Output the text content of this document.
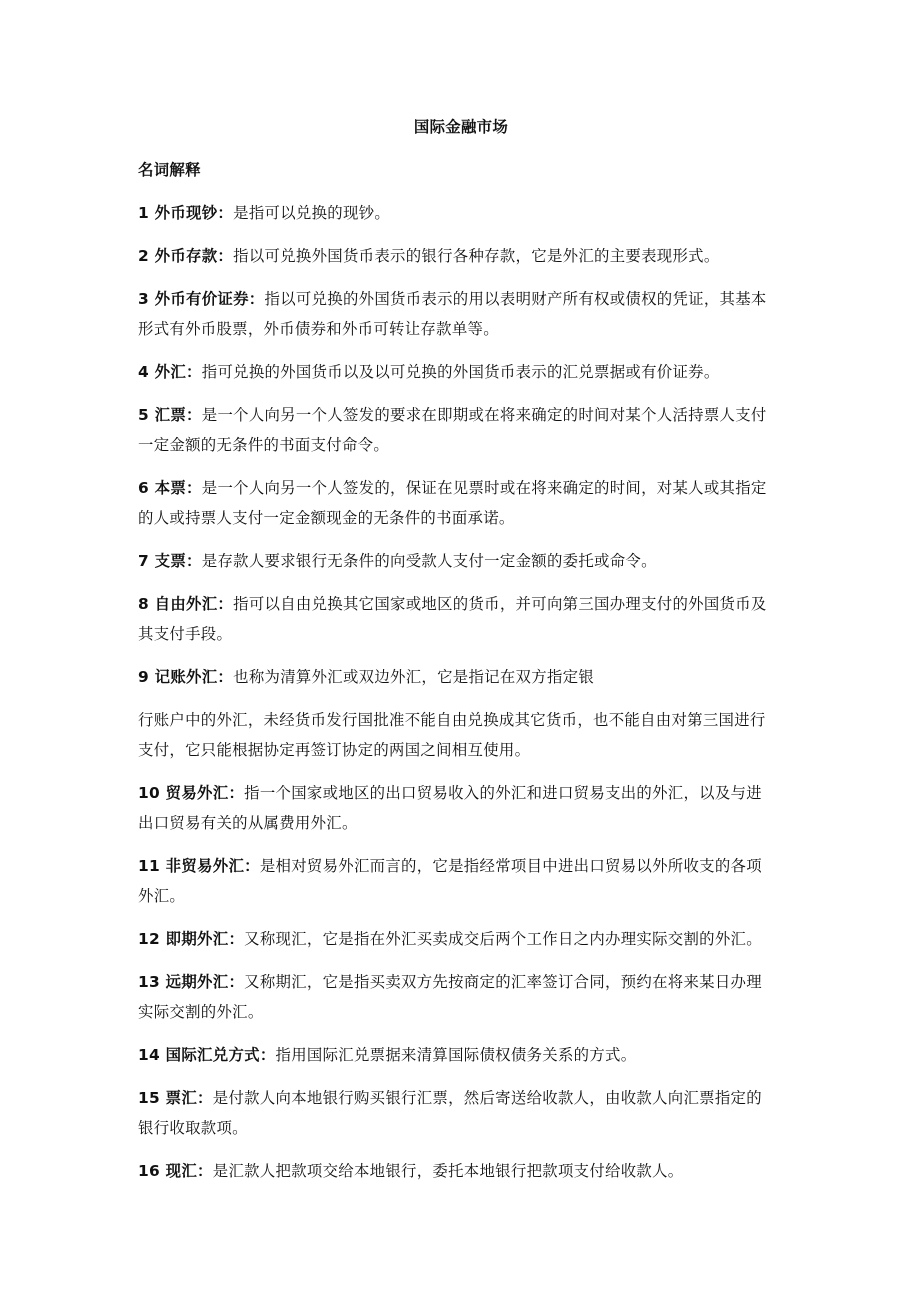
国际金融市场
名词解释
1 外币现钞：是指可以兑换的现钞。
2 外币存款：指以可兑换外国货币表示的银行各种存款，它是外汇的主要表现形式。
3 外币有价证券：指以可兑换的外国货币表示的用以表明财产所有权或债权的凭证，其基本
形式有外币股票，外币债券和外币可转让存款单等。
4 外汇：指可兑换的外国货币以及以可兑换的外国货币表示的汇兑票据或有价证券。
5 汇票：是一个人向另一个人签发的要求在即期或在将来确定的时间对某个人活持票人支付
一定金额的无条件的书面支付命令。
6 本票：是一个人向另一个人签发的，保证在见票时或在将来确定的时间，对某人或其指定
的人或持票人支付一定金额现金的无条件的书面承诺。
7 支票：是存款人要求银行无条件的向受款人支付一定金额的委托或命令。
8 自由外汇：指可以自由兑换其它国家或地区的货币，并可向第三国办理支付的外国货币及
其支付手段。
9 记账外汇：也称为清算外汇或双边外汇，它是指记在双方指定银
行账户中的外汇，未经货币发行国批准不能自由兑换成其它货币，也不能自由对第三国进行
支付，它只能根据协定再签订协定的两国之间相互使用。
10 贸易外汇：指一个国家或地区的出口贸易收入的外汇和进口贸易支出的外汇，以及与进
出口贸易有关的从属费用外汇。
11 非贸易外汇：是相对贸易外汇而言的，它是指经常项目中进出口贸易以外所收支的各项
外汇。
12 即期外汇：又称现汇，它是指在外汇买卖成交后两个工作日之内办理实际交割的外汇。
13 远期外汇：又称期汇，它是指买卖双方先按商定的汇率签订合同，预约在将来某日办理
实际交割的外汇。
14 国际汇兑方式：指用国际汇兑票据来清算国际债权债务关系的方式。
15 票汇：是付款人向本地银行购买银行汇票，然后寄送给收款人，由收款人向汇票指定的
银行收取款项。
16 现汇：是汇款人把款项交给本地银行，委托本地银行把款项支付给收款人。
